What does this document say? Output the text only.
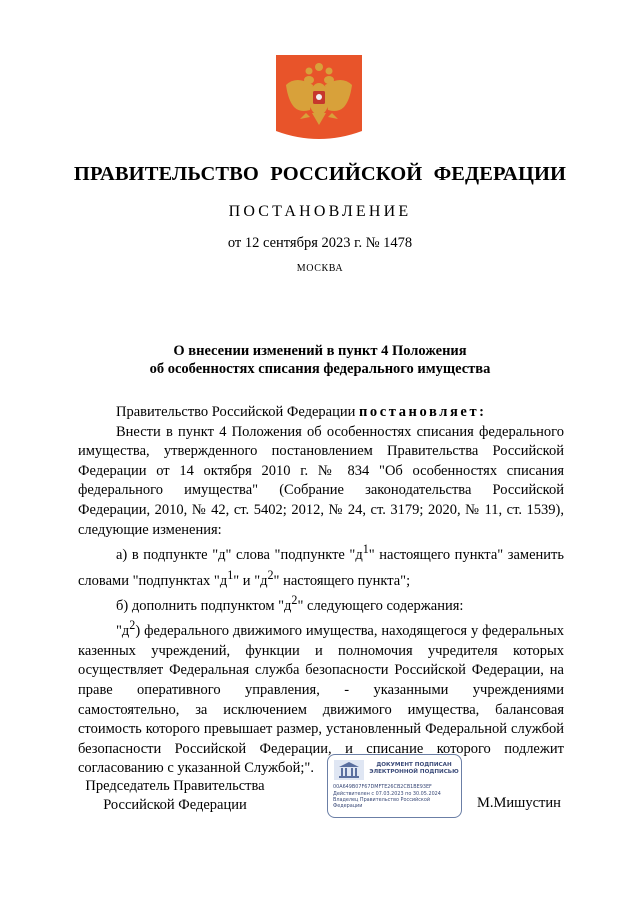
ПРАВИТЕЛЬСТВО РОССИЙСКОЙ ФЕДЕРАЦИИ
ПОСТАНОВЛЕНИЕ
от 12 сентября 2023 г. № 1478
МОСКВА
О внесении изменений в пункт 4 Положения
об особенностях списания федерального имущества

Правительство Российской Федерации постановляет:

Внести в пункт 4 Положения об особенностях списания федерального имущества, утвержденного постановлением Правительства Российской Федерации от 14 октября 2010 г. № 834 "Об особенностях списания федерального имущества" (Собрание законодательства Российской Федерации, 2010, № 42, ст. 5402; 2012, № 24, ст. 3179; 2020, № 11, ст. 1539), следующие изменения:

а) в подпункте "д" слова "подпункте "$д^1$" настоящего пункта" заменить словами "подпунктах "$д^1$" и "$д^2$" настоящего пункта";

б) дополнить подпунктом "$д^2$" следующего содержания:

"$д^2$) федерального движимого имущества, находящегося у федеральных казенных учреждений, функции и полномочия учредителя которых осуществляет Федеральная служба безопасности Российской Федерации, на праве оперативного управления, - указанными учреждениями самостоятельно, за исключением движимого имущества, балансовая стоимость которого превышает размер, установленный Федеральной службой безопасности Российской Федерации, и списание которого подлежит согласованию с указанной Службой;".

Председатель Правительства
Российской Федерации
ДОКУМЕНТ ПОДПИСАН
ЭЛЕКТРОННОЙ ПОДПИСЬЮ
00A649B07F67DMFTE26CB2CB1BE93EF
Действителен с 07.03.2023 по 30.05.2024
Владелец Правительство Российской
Федерации	М.Мишустин
